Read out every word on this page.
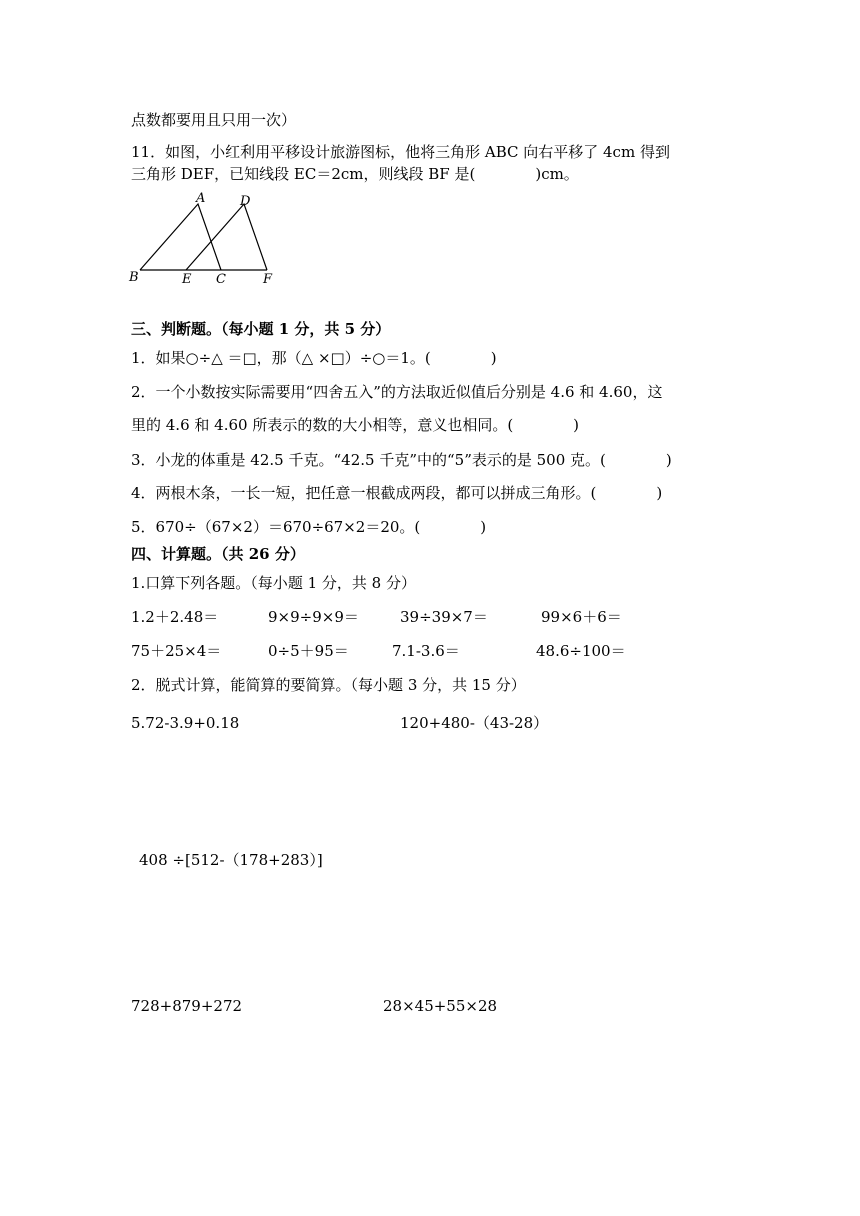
点数都要用且只用一次）
11．如图，小红利用平移设计旅游图标，他将三角形 ABC 向右平移了 4cm 得到
三角形 DEF，已知线段 EC＝2cm，则线段 BF 是(　　　　)cm。
A	D
B	E C	F
三、判断题。（每小题 1 分，共 5 分）
1．如果○÷△ ＝□，那（△ ×□）÷○＝1。(　　　　)
2．一个小数按实际需要用“四舍五入”的方法取近似值后分别是 4.6 和 4.60，这
里的 4.6 和 4.60 所表示的数的大小相等，意义也相同。(　　　　)
3．小龙的体重是 42.5 千克。“42.5 千克”中的“5”表示的是 500 克。(　　　　)
4．两根木条，一长一短，把任意一根截成两段，都可以拼成三角形。(　　　　)
5．670÷（67×2）＝670÷67×2＝20。(　　　　)
四、计算题。（共 26 分）
1.口算下列各题。（每小题 1 分，共 8 分）
1.2＋2.48＝	9×9÷9×9＝	39÷39×7＝	99×6＋6＝
75＋25×4＝	0÷5＋95＝	7.1-3.6＝	48.6÷100＝
2．脱式计算，能简算的要简算。（每小题 3 分，共 15 分）
5.72-3.9+0.18	120+480-（43-28）
408 ÷[512-（178+283）]
728+879+272	28×45+55×28
